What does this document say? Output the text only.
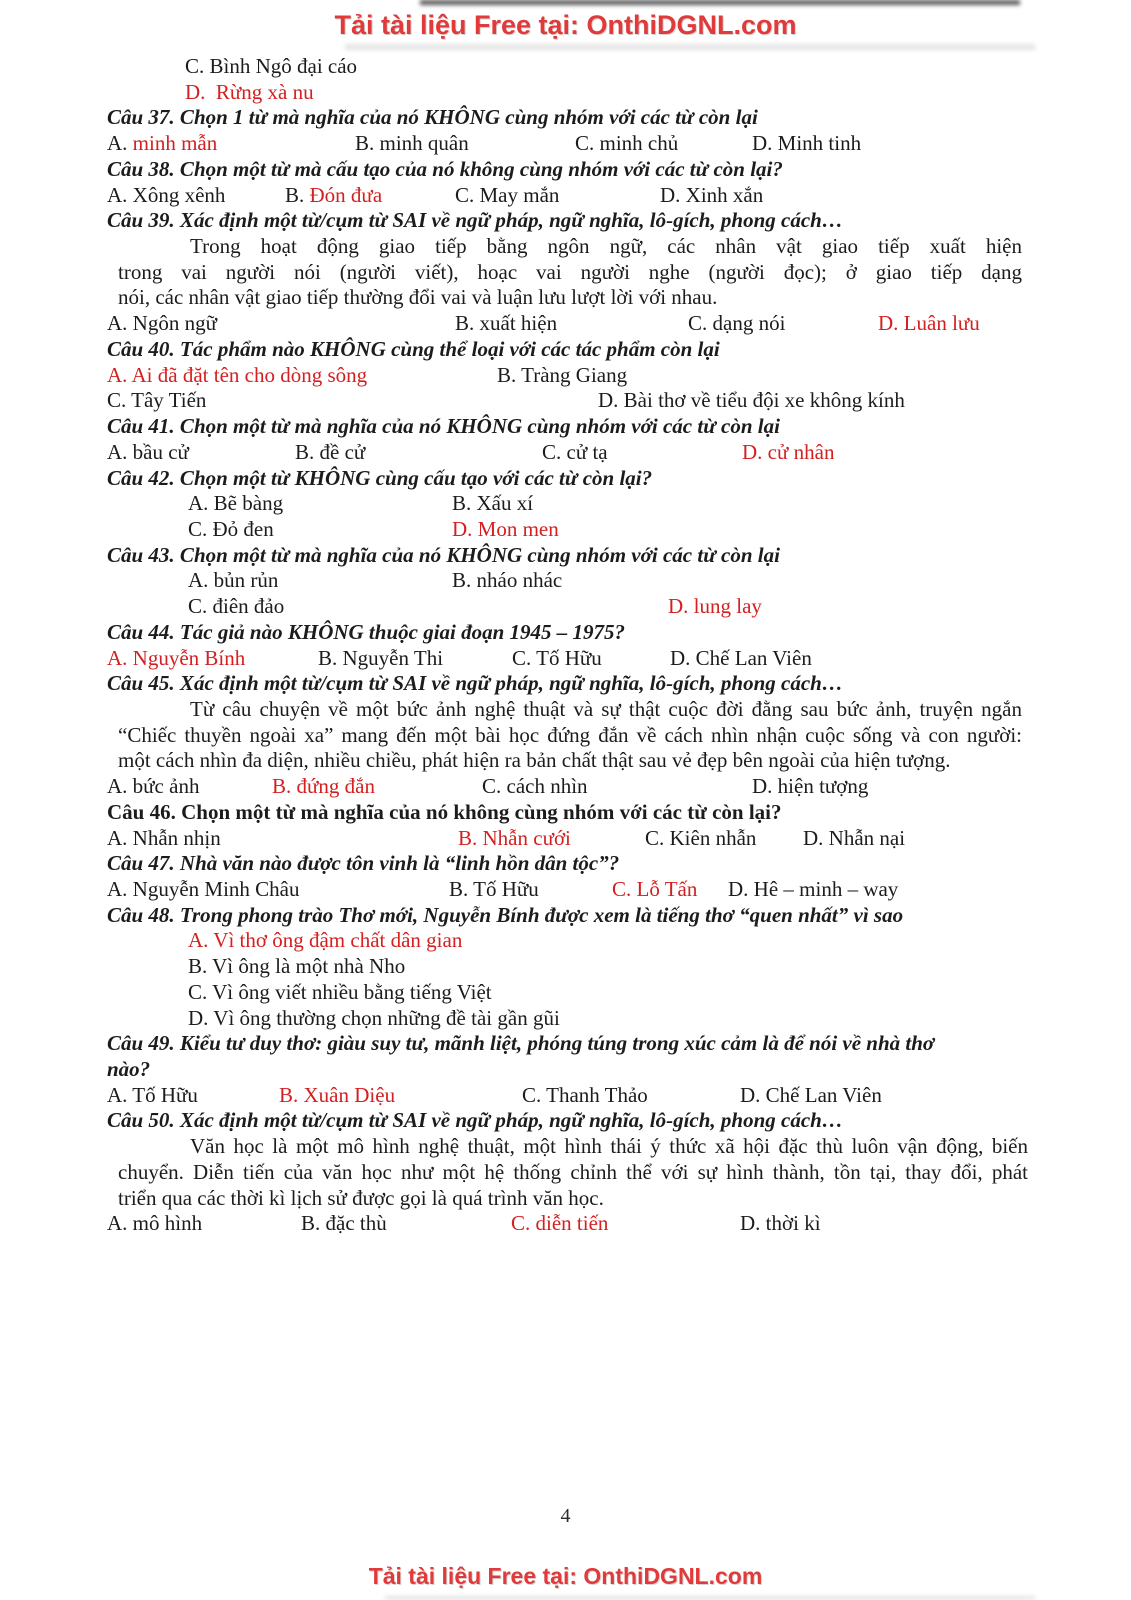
Tải tài liệu Free tại: OnthiDGNL.com
C. Bình Ngô đại cáo
D.  Rừng xà nu
Câu 37. Chọn 1 từ mà nghĩa của nó KHÔNG cùng nhóm với các từ còn lại
A. minh mẫn	B. minh quân	C. minh chủ	D. Minh tinh
Câu 38. Chọn một từ mà cấu tạo của nó không cùng nhóm với các từ còn lại?
A. Xông xênh	B. Đón đưa	C. May mắn	D. Xinh xắn
Câu 39. Xác định một từ/cụm từ SAI về ngữ pháp, ngữ nghĩa, lô-gích, phong cách…
Trong hoạt động giao tiếp bằng ngôn ngữ, các nhân vật giao tiếp xuất hiện
trong vai người nói (người viết), hoạc vai người nghe (người đọc); ở giao tiếp dạng
nói, các nhân vật giao tiếp thường đổi vai và luận lưu lượt lời với nhau.
A. Ngôn ngữ	B. xuất hiện	C. dạng nói	D. Luân lưu
Câu 40. Tác phẩm nào KHÔNG cùng thể loại với các tác phẩm còn lại
A. Ai đã đặt tên cho dòng sông	B. Tràng Giang
C. Tây Tiến	D. Bài thơ về tiểu đội xe không kính
Câu 41. Chọn một từ mà nghĩa của nó KHÔNG cùng nhóm với các từ còn lại
A. bầu cử	B. đề cử	C. cử tạ	D. cử nhân
Câu 42. Chọn một từ KHÔNG cùng cấu tạo với các từ còn lại?
A. Bẽ bàng	B. Xấu xí
C. Đỏ đen	D. Mon men
Câu 43. Chọn một từ mà nghĩa của nó KHÔNG cùng nhóm với các từ còn lại
A. bủn rủn	B. nháo nhác
C. điên đảo	D. lung lay
Câu 44. Tác giả nào KHÔNG thuộc giai đoạn 1945 – 1975?
A. Nguyễn Bính	B. Nguyễn Thi	C. Tố Hữu	D. Chế Lan Viên
Câu 45. Xác định một từ/cụm từ SAI về ngữ pháp, ngữ nghĩa, lô-gích, phong cách…
Từ câu chuyện về một bức ảnh nghệ thuật và sự thật cuộc đời đằng sau bức ảnh, truyện ngắn
“Chiếc thuyền ngoài xa” mang đến một bài học đứng đắn về cách nhìn nhận cuộc sống và con người:
một cách nhìn đa diện, nhiều chiều, phát hiện ra bản chất thật sau vẻ đẹp bên ngoài của hiện tượng.
A. bức ảnh	B. đứng đắn	C. cách nhìn	D. hiện tượng
Câu 46. Chọn một từ mà nghĩa của nó không cùng nhóm với các từ còn lại?
A. Nhẫn nhịn	B. Nhẫn cưới	C. Kiên nhẫn D. Nhẫn nại
Câu 47. Nhà văn nào được tôn vinh là “linh hồn dân tộc”?
A. Nguyễn Minh Châu	B. Tố Hữu	C. Lỗ Tấn D. Hê – minh – way
Câu 48. Trong phong trào Thơ mới, Nguyễn Bính được xem là tiếng thơ “quen nhất” vì sao
A. Vì thơ ông đậm chất dân gian
B. Vì ông là một nhà Nho
C. Vì ông viết nhiều bằng tiếng Việt
D. Vì ông thường chọn những đề tài gần gũi
Câu 49. Kiểu tư duy thơ: giàu suy tư, mãnh liệt, phóng túng trong xúc cảm là để nói về nhà thơ
nào?
A. Tố Hữu	B. Xuân Diệu	C. Thanh Thảo	D. Chế Lan Viên
Câu 50. Xác định một từ/cụm từ SAI về ngữ pháp, ngữ nghĩa, lô-gích, phong cách…
Văn học là một mô hình nghệ thuật, một hình thái ý thức xã hội đặc thù luôn vận động, biến
chuyển. Diễn tiến của văn học như một hệ thống chỉnh thể với sự hình thành, tồn tại, thay đổi, phát
triển qua các thời kì lịch sử được gọi là quá trình văn học.
A. mô hình	B. đặc thù	C. diễn tiến	D. thời kì
4
Tải tài liệu Free tại: OnthiDGNL.com
